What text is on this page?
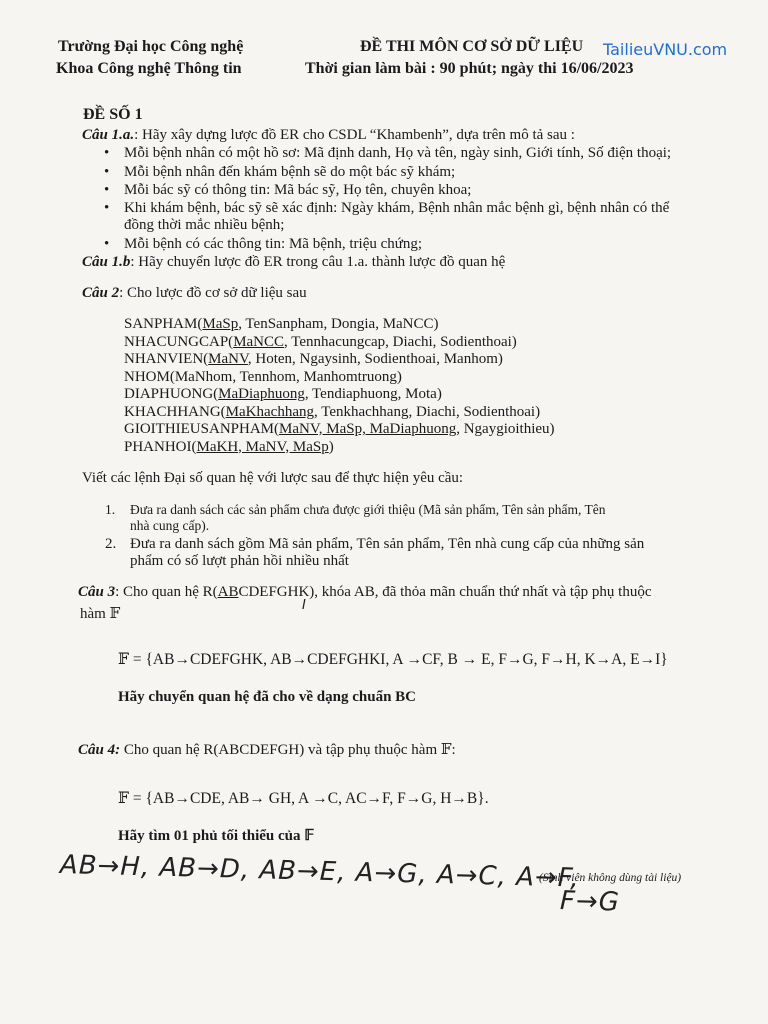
Trường Đại học Công nghệ
Khoa Công nghệ Thông tin
ĐỀ THI MÔN CƠ SỞ DỮ LIỆU TailieuVNU.com
Thời gian làm bài : 90 phút; ngày thi 16/06/2023
ĐỀ SỐ 1
Câu 1.a.: Hãy xây dựng lược đồ ER cho CSDL “Khambenh”, dựa trên mô tả sau :
• Mỗi bệnh nhân có một hồ sơ: Mã định danh, Họ và tên, ngày sinh, Giới tính, Số điện thoại;
• Mỗi bệnh nhân đến khám bệnh sẽ do một bác sỹ khám;
• Mỗi bác sỹ có thông tin: Mã bác sỹ, Họ tên, chuyên khoa;
• Khi khám bệnh, bác sỹ sẽ xác định: Ngày khám, Bệnh nhân mắc bệnh gì, bệnh nhân có thể
đồng thời mắc nhiều bệnh;
• Mỗi bệnh có các thông tin: Mã bệnh, triệu chứng;
Câu 1.b: Hãy chuyển lược đồ ER trong câu 1.a. thành lược đồ quan hệ
Câu 2: Cho lược đồ cơ sở dữ liệu sau
SANPHAM(MaSp, TenSanpham, Dongia, MaNCC)
NHACUNGCAP(MaNCC, Tennhacungcap, Diachi, Sodienthoai)
NHANVIEN(MaNV, Hoten, Ngaysinh, Sodienthoai, Manhom)
NHOM(MaNhom, Tennhom, Manhomtruong)
DIAPHUONG(MaDiaphuong, Tendiaphuong, Mota)
KHACHHANG(MaKhachhang, Tenkhachhang, Diachi, Sodienthoai)
GIOITHIEUSANPHAM(MaNV, MaSp, MaDiaphuong, Ngaygioithieu)
PHANHOI(MaKH, MaNV, MaSp)
Viết các lệnh Đại số quan hệ với lược sau để thực hiện yêu cầu:
1. Đưa ra danh sách các sản phẩm chưa được giới thiệu (Mã sản phẩm, Tên sản phẩm, Tên
nhà cung cấp).
2. Đưa ra danh sách gồm Mã sản phẩm, Tên sản phẩm, Tên nhà cung cấp của những sản
phẩm có số lượt phản hồi nhiều nhất
Câu 3: Cho quan hệ R(ABCDEFGHK), khóa AB, đã thỏa mãn chuẩn thứ nhất và tập phụ thuộc
I
hàm 𝔽
𝔽 = {AB→CDEFGHK, AB→CDEFGHKI, A →CF, B → E, F→G, F→H, K→A, E→I}
Hãy chuyển quan hệ đã cho về dạng chuẩn BC
Câu 4: Cho quan hệ R(ABCDEFGH) và tập phụ thuộc hàm 𝔽:
𝔽 = {AB→CDE, AB→ GH, A →C, AC→F, F→G, H→B}.
Hãy tìm 01 phủ tối thiểu của 𝔽
AB→H, AB→D, AB→E, A→G, A→C, A→F,
F→G
(Sinh viên không dùng tài liệu)
